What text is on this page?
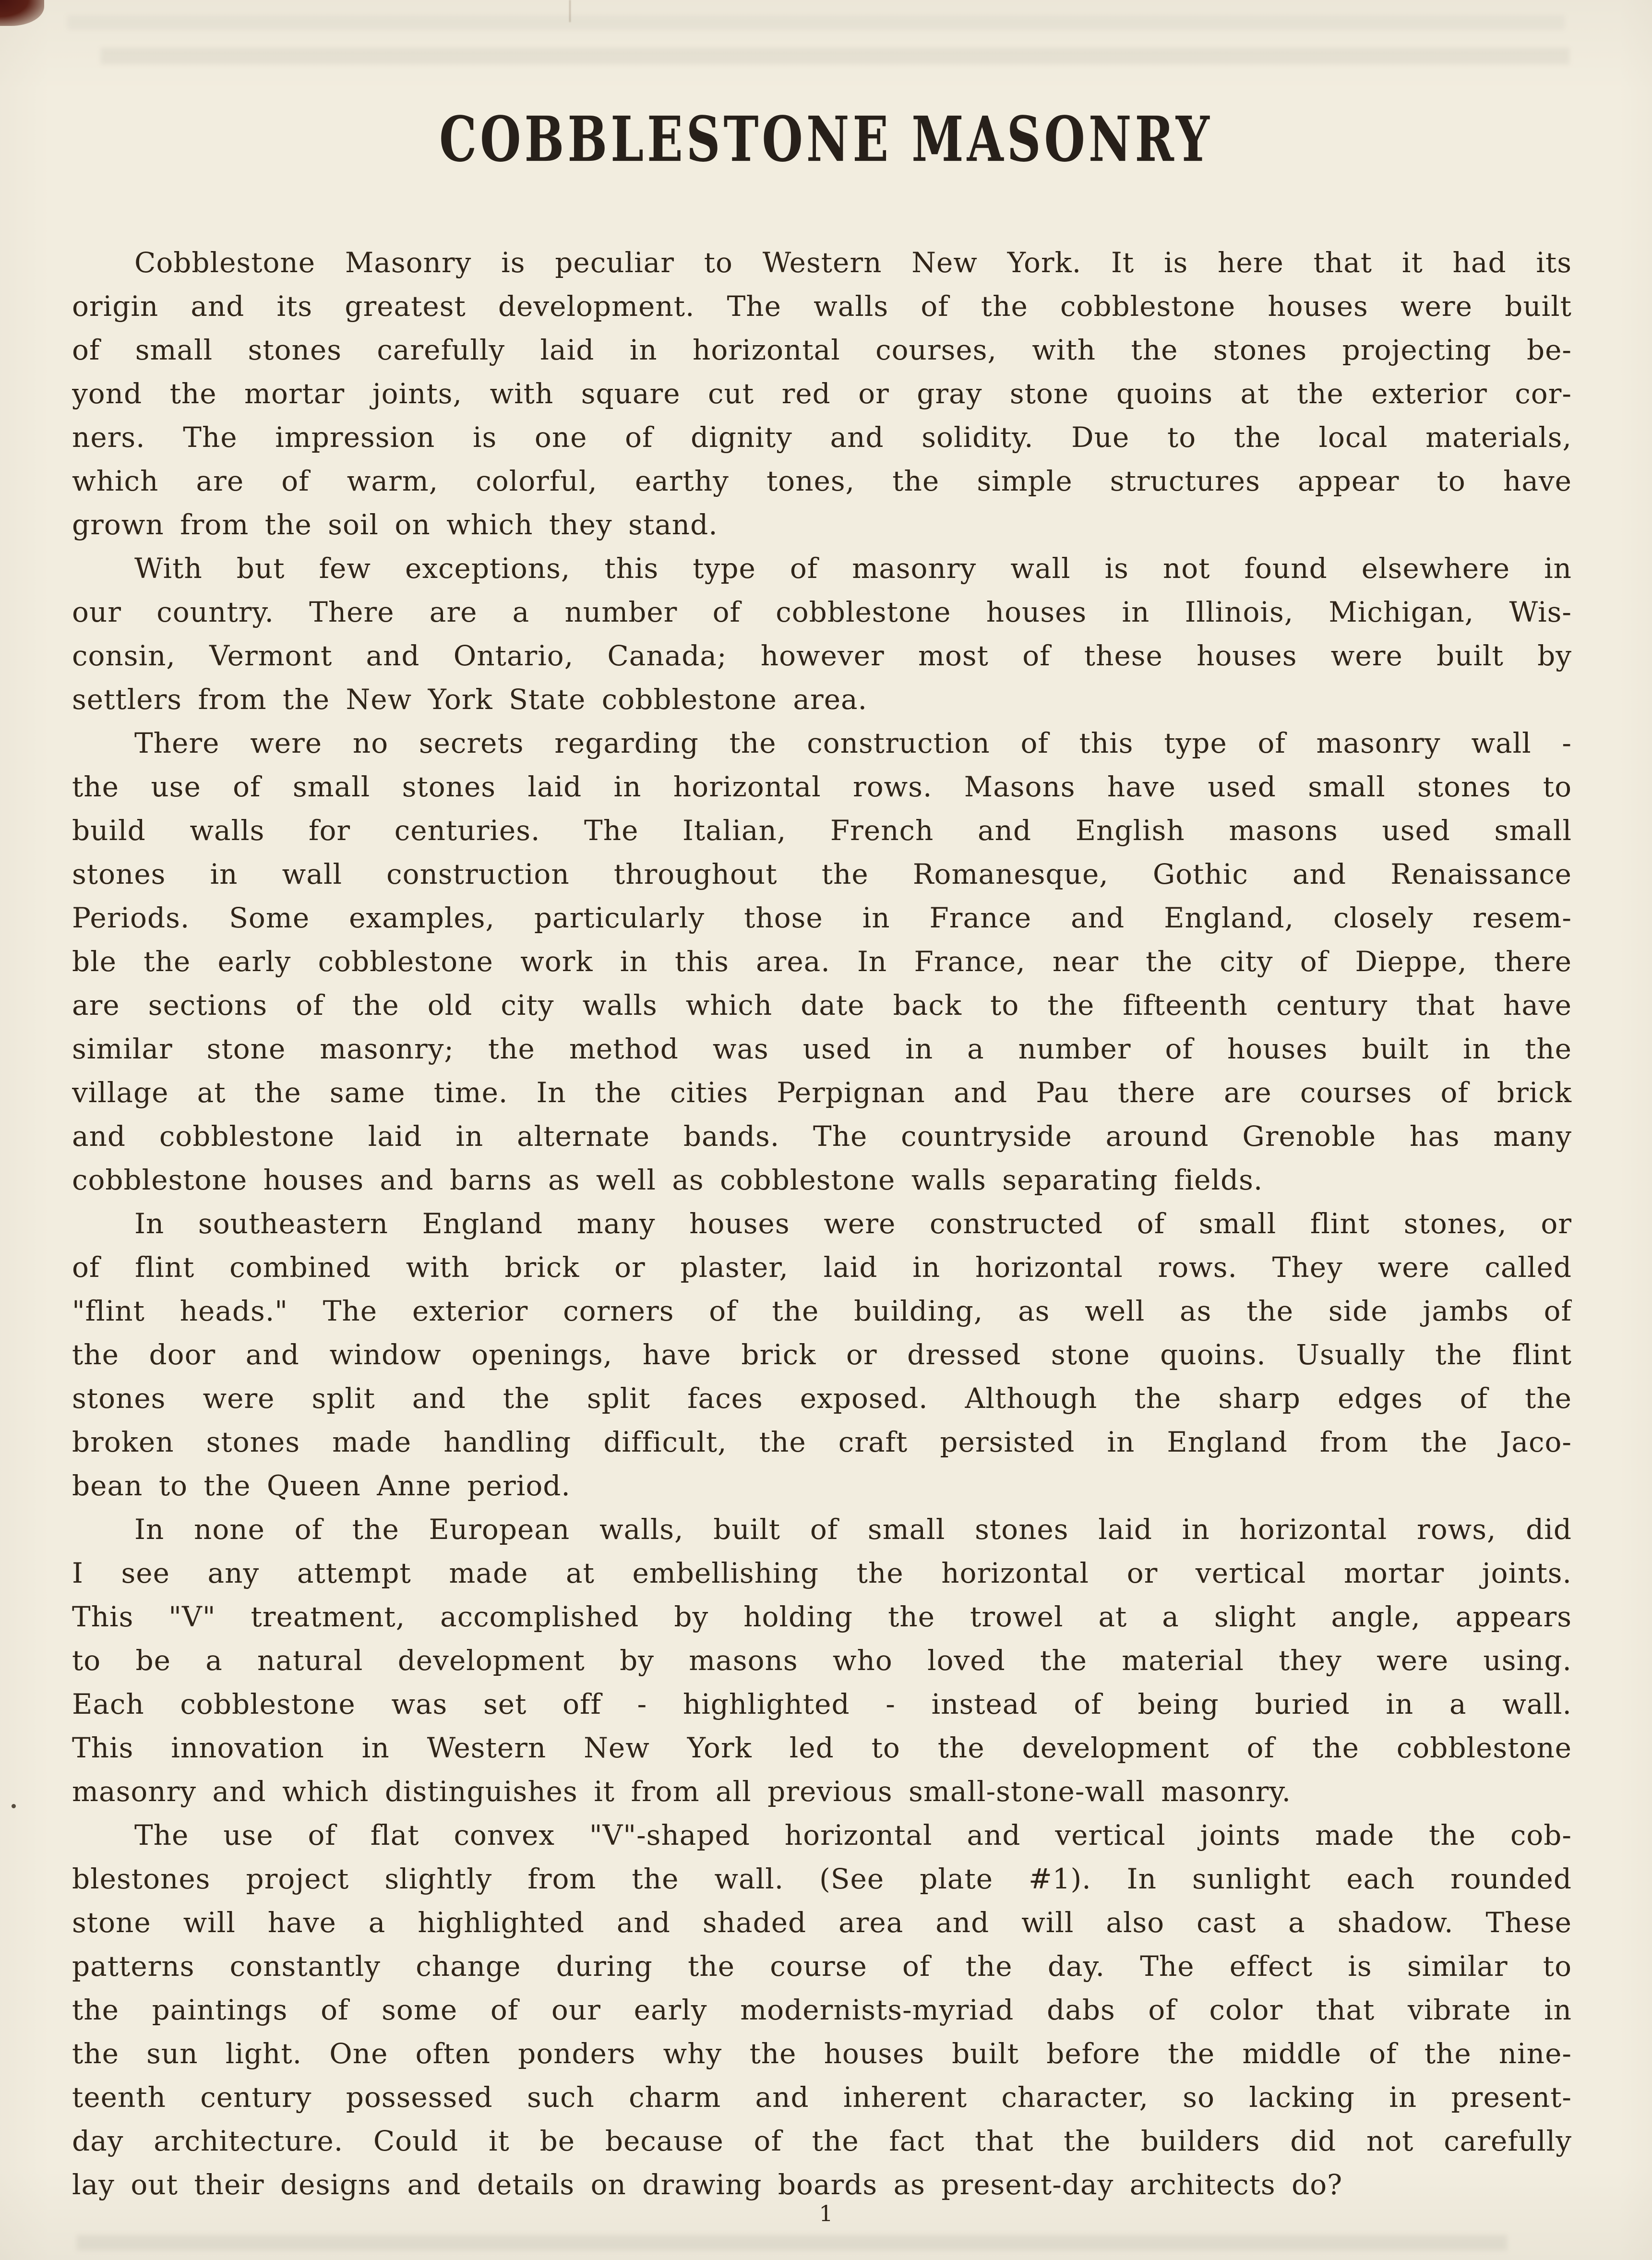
COBBLESTONE MASONRY
Cobblestone Masonry is peculiar to Western New York. It is here that it had its
origin and its greatest development. The walls of the cobblestone houses were built
of small stones carefully laid in horizontal courses, with the stones projecting be-
yond the mortar joints, with square cut red or gray stone quoins at the exterior cor-
ners. The impression is one of dignity and solidity. Due to the local materials,
which are of warm, colorful, earthy tones, the simple structures appear to have
grown from the soil on which they stand.
With but few exceptions, this type of masonry wall is not found elsewhere in
our country. There are a number of cobblestone houses in Illinois, Michigan, Wis-
consin, Vermont and Ontario, Canada; however most of these houses were built by
settlers from the New York State cobblestone area.
There were no secrets regarding the construction of this type of masonry wall -
the use of small stones laid in horizontal rows. Masons have used small stones to
build walls for centuries. The Italian, French and English masons used small
stones in wall construction throughout the Romanesque, Gothic and Renaissance
Periods. Some examples, particularly those in France and England, closely resem-
ble the early cobblestone work in this area. In France, near the city of Dieppe, there
are sections of the old city walls which date back to the fifteenth century that have
similar stone masonry; the method was used in a number of houses built in the
village at the same time. In the cities Perpignan and Pau there are courses of brick
and cobblestone laid in alternate bands. The countryside around Grenoble has many
cobblestone houses and barns as well as cobblestone walls separating fields.
In southeastern England many houses were constructed of small flint stones, or
of flint combined with brick or plaster, laid in horizontal rows. They were called
"flint heads." The exterior corners of the building, as well as the side jambs of
the door and window openings, have brick or dressed stone quoins. Usually the flint
stones were split and the split faces exposed. Although the sharp edges of the
broken stones made handling difficult, the craft persisted in England from the Jaco-
bean to the Queen Anne period.
In none of the European walls, built of small stones laid in horizontal rows, did
I see any attempt made at embellishing the horizontal or vertical mortar joints.
This "V" treatment, accomplished by holding the trowel at a slight angle, appears
to be a natural development by masons who loved the material they were using.
Each cobblestone was set off - highlighted - instead of being buried in a wall.
This innovation in Western New York led to the development of the cobblestone
masonry and which distinguishes it from all previous small-stone-wall masonry.
The use of flat convex "V"-shaped horizontal and vertical joints made the cob-
blestones project slightly from the wall. (See plate #1). In sunlight each rounded
stone will have a highlighted and shaded area and will also cast a shadow. These
patterns constantly change during the course of the day. The effect is similar to
the paintings of some of our early modernists-myriad dabs of color that vibrate in
the sun light. One often ponders why the houses built before the middle of the nine-
teenth century possessed such charm and inherent character, so lacking in present-
day architecture. Could it be because of the fact that the builders did not carefully
lay out their designs and details on drawing boards as present-day architects do?
1
